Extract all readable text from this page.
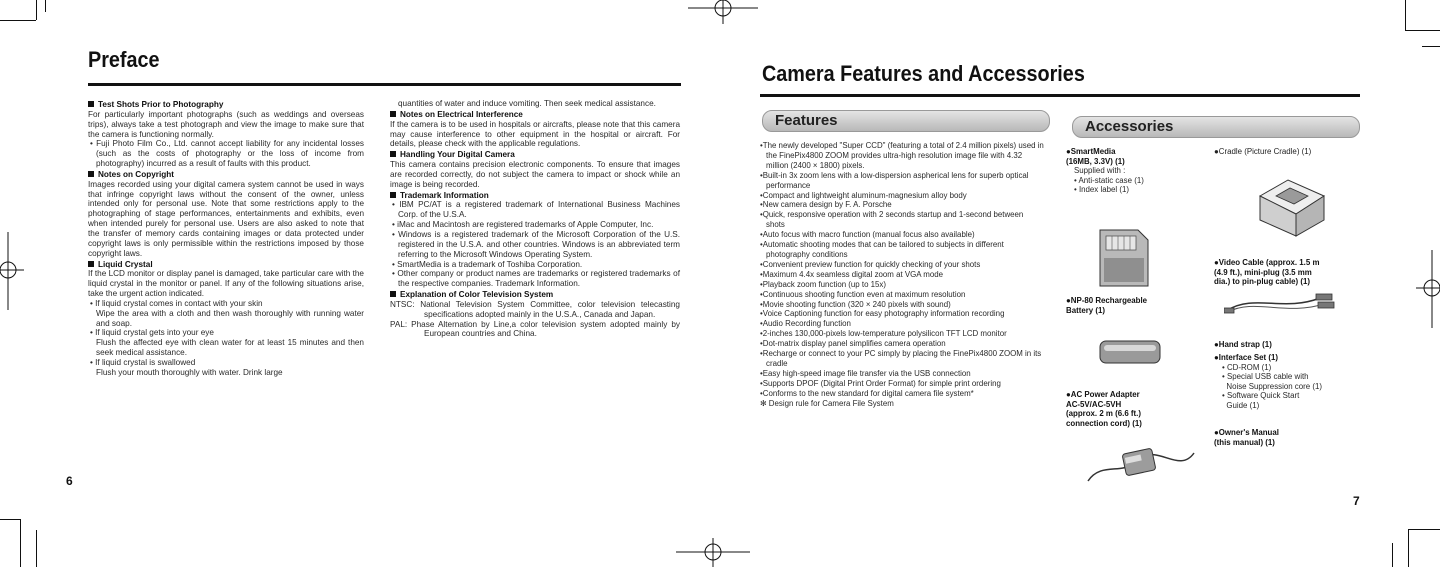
Preface

Test Shots Prior to Photography

For particularly important photographs (such as weddings and overseas trips), always take a test photograph and view the image to make sure that the camera is functioning normally.

• Fuji Photo Film Co., Ltd. cannot accept liability for any incidental losses (such as the costs of photography or the loss of income from photography) incurred as a result of faults with this product.

Notes on Copyright

Images recorded using your digital camera system cannot be used in ways that infringe copyright laws without the consent of the owner, unless intended only for personal use. Note that some restrictions apply to the photographing of stage performances, entertainments and exhibits, even when intended purely for personal use. Users are also asked to note that the transfer of memory cards containing images or data protected under copyright laws is only permissible within the restrictions imposed by those copyright laws.

Liquid Crystal

If the LCD monitor or display panel is damaged, take particular care with the liquid crystal in the monitor or panel. If any of the following situations arise, take the urgent action indicated.

• If liquid crystal comes in contact with your skin

Wipe the area with a cloth and then wash thoroughly with running water and soap.

• If liquid crystal gets into your eye

Flush the affected eye with clean water for at least 15 minutes and then seek medical assistance.

• If liquid crystal is swallowed

Flush your mouth thoroughly with water. Drink large

quantities of water and induce vomiting. Then seek medical assistance.

Notes on Electrical Interference

If the camera is to be used in hospitals or aircrafts, please note that this camera may cause interference to other equipment in the hospital or aircraft. For details, please check with the applicable regulations.

Handling Your Digital Camera

This camera contains precision electronic components. To ensure that images are recorded correctly, do not subject the camera to impact or shock while an image is being recorded.

Trademark Information

• IBM PC/AT is a registered trademark of International Business Machines Corp. of the U.S.A.

• iMac and Macintosh are registered trademarks of Apple Computer, Inc.

• Windows is a registered trademark of the Microsoft Corporation of the U.S. registered in the U.S.A. and other countries. Windows is an abbreviated term referring to the Microsoft Windows Operating System.

• SmartMedia is a trademark of Toshiba Corporation.

• Other company or product names are trademarks or registered trademarks of the respective companies. Trademark Information.

Explanation of Color Television System

NTSC: National Television System Committee, color television telecasting specifications adopted mainly in the U.S.A., Canada and Japan.

PAL: Phase Alternation by Line,a color television system adopted mainly by European countries and China.

6
Camera Features and Accessories
Features
•The newly developed "Super CCD" (featuring a total of 2.4 million pixels) used in the FinePix4800 ZOOM provides ultra-high resolution image file with 4.32 million (2400 × 1800) pixels.
•Built-in 3x zoom lens with a low-dispersion aspherical lens for superb optical performance
•Compact and lightweight aluminum-magnesium alloy body
•New camera design by F. A. Porsche
•Quick, responsive operation with 2 seconds startup and 1-second between shots
•Auto focus with macro function (manual focus also available)
•Automatic shooting modes that can be tailored to subjects in different photography conditions
•Convenient preview function for quickly checking of your shots
•Maximum 4.4x seamless digital zoom at VGA mode
•Playback zoom function (up to 15x)
•Continuous shooting function even at maximum resolution
•Movie shooting function (320 × 240 pixels with sound)
•Voice Captioning function for easy photography information recording
•Audio Recording function
•2-inches 130,000-pixels low-temperature polysilicon TFT LCD monitor
•Dot-matrix display panel simplifies camera operation
•Recharge or connect to your PC simply by placing the FinePix4800 ZOOM in its cradle
•Easy high-speed image file transfer via the USB connection
•Supports DPOF (Digital Print Order Format) for simple print ordering
•Conforms to the new standard for digital camera file system*
✻ Design rule for Camera File System
Accessories
●SmartMedia
(16MB, 3.3V) (1)
Supplied with :
• Anti-static case (1)
• Index label (1)
●NP-80 Rechargeable
Battery (1)
●AC Power Adapter
AC-5V/AC-5VH
(approx. 2 m (6.6 ft.)
connection cord) (1)
●Cradle (Picture Cradle) (1)
●Video Cable (approx. 1.5 m
(4.9 ft.), mini-plug (3.5 mm
dia.) to pin-plug cable) (1)
●Hand strap (1)
●Interface Set (1)
• CD-ROM (1)
• Special USB cable with
Noise Suppression core (1)
• Software Quick Start
Guide (1)
●Owner's Manual
(this manual) (1)
7
